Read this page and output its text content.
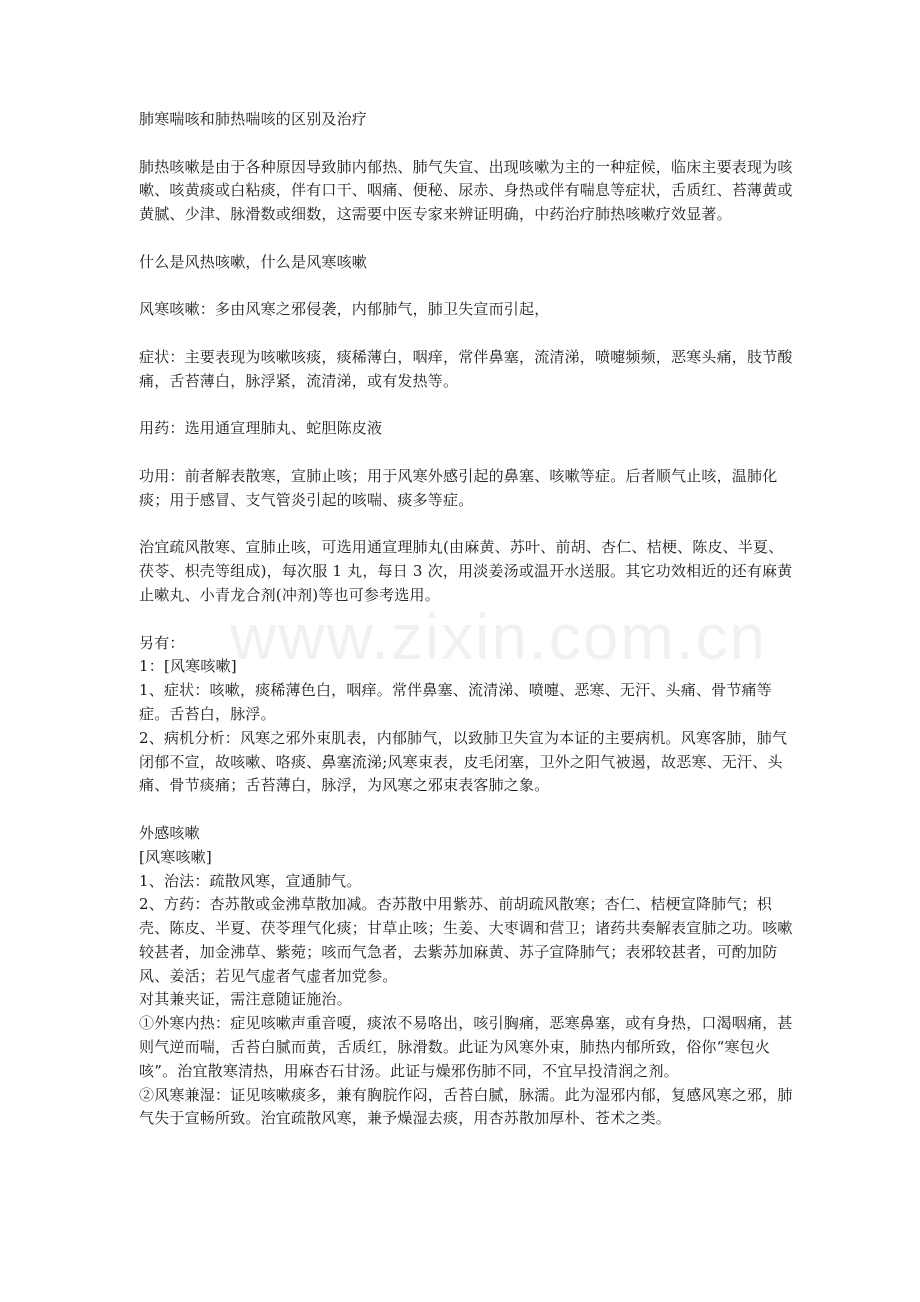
www.zixin.com.cn

肺寒喘咳和肺热喘咳的区别及治疗

肺热咳嗽是由于各种原因导致肺内郁热、肺气失宣、出现咳嗽为主的一种症候，临床主要表现为咳嗽、咳黄痰或白粘痰，伴有口干、咽痛、便秘、尿赤、身热或伴有喘息等症状，舌质红、苔薄黄或黄腻、少津、脉滑数或细数，这需要中医专家来辨证明确，中药治疗肺热咳嗽疗效显著。

什么是风热咳嗽，什么是风寒咳嗽

风寒咳嗽：多由风寒之邪侵袭，内郁肺气，肺卫失宣而引起，

症状：主要表现为咳嗽咳痰，痰稀薄白，咽痒，常伴鼻塞，流清涕，喷嚏频频，恶寒头痛，肢节酸痛，舌苔薄白，脉浮紧，流清涕，或有发热等。

用药：选用通宣理肺丸、蛇胆陈皮液

功用：前者解表散寒，宣肺止咳；用于风寒外感引起的鼻塞、咳嗽等症。后者顺气止咳，温肺化痰；用于感冒、支气管炎引起的咳喘、痰多等症。

治宜疏风散寒、宣肺止咳，可选用通宣理肺丸(由麻黄、苏叶、前胡、杏仁、桔梗、陈皮、半夏、茯苓、枳壳等组成)，每次服 1 丸，每日 3 次，用淡姜汤或温开水送服。其它功效相近的还有麻黄止嗽丸、小青龙合剂(冲剂)等也可参考选用。

另有：

1：[风寒咳嗽]

1、症状：咳嗽，痰稀薄色白，咽痒。常伴鼻塞、流清涕、喷嚏、恶寒、无汗、头痛、骨节痛等症。舌苔白，脉浮。

2、病机分析：风寒之邪外束肌表，内郁肺气，以致肺卫失宣为本证的主要病机。风寒客肺，肺气闭郁不宣，故咳嗽、咯痰、鼻塞流涕;风寒束表，皮毛闭塞，卫外之阳气被遏，故恶寒、无汗、头痛、骨节痰痛；舌苔薄白，脉浮，为风寒之邪束表客肺之象。

外感咳嗽

[风寒咳嗽]

1、治法：疏散风寒，宣通肺气。

2、方药：杏苏散或金沸草散加减。杏苏散中用紫苏、前胡疏风散寒；杏仁、桔梗宣降肺气；枳壳、陈皮、半夏、茯苓理气化痰；甘草止咳；生姜、大枣调和营卫；诸药共奏解表宣肺之功。咳嗽较甚者，加金沸草、紫菀；咳而气急者，去紫苏加麻黄、苏子宣降肺气；表邪较甚者，可酌加防风、姜活；若见气虚者气虚者加党参。

对其兼夹证，需注意随证施治。

①外寒内热：症见咳嗽声重音嗄，痰浓不易咯出，咳引胸痛，恶寒鼻塞，或有身热，口渴咽痛，甚则气逆而喘，舌苔白腻而黄，舌质红，脉滑数。此证为风寒外束，肺热内郁所致，俗你“寒包火咳”。治宜散寒清热，用麻杏石甘汤。此证与燥邪伤肺不同，不宜早投清润之剂。

②风寒兼湿：证见咳嗽痰多，兼有胸脘作闷，舌苔白腻，脉濡。此为湿邪内郁，复感风寒之邪，肺气失于宣畅所致。治宜疏散风寒，兼予燥湿去痰，用杏苏散加厚朴、苍术之类。
